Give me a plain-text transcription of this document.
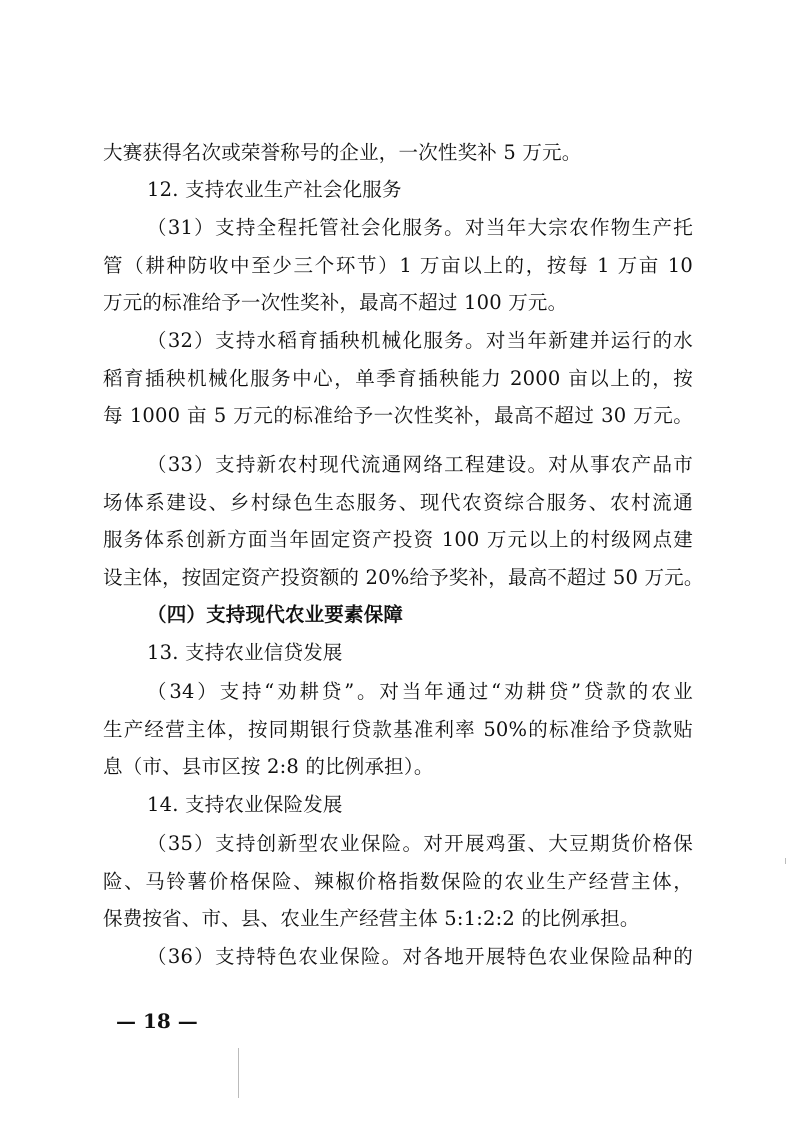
大赛获得名次或荣誉称号的企业，一次性奖补 5 万元。
12. 支持农业生产社会化服务
（31）支持全程托管社会化服务。对当年大宗农作物生产托
管（耕种防收中至少三个环节）1 万亩以上的，按每 1 万亩 10
万元的标准给予一次性奖补，最高不超过 100 万元。
（32）支持水稻育插秧机械化服务。对当年新建并运行的水
稻育插秧机械化服务中心，单季育插秧能力 2000 亩以上的，按
每 1000 亩 5 万元的标准给予一次性奖补，最高不超过 30 万元。
（33）支持新农村现代流通网络工程建设。对从事农产品市
场体系建设、乡村绿色生态服务、现代农资综合服务、农村流通
服务体系创新方面当年固定资产投资 100 万元以上的村级网点建
设主体，按固定资产投资额的 20%给予奖补，最高不超过 50 万元。
（四）支持现代农业要素保障
13. 支持农业信贷发展
（34）支持“劝耕贷”。对当年通过“劝耕贷”贷款的农业
生产经营主体，按同期银行贷款基准利率 50%的标准给予贷款贴
息（市、县市区按 2:8 的比例承担）。
14. 支持农业保险发展
（35）支持创新型农业保险。对开展鸡蛋、大豆期货价格保
险、马铃薯价格保险、辣椒价格指数保险的农业生产经营主体，
保费按省、市、县、农业生产经营主体 5:1:2:2 的比例承担。
（36）支持特色农业保险。对各地开展特色农业保险品种的
— 18 —
